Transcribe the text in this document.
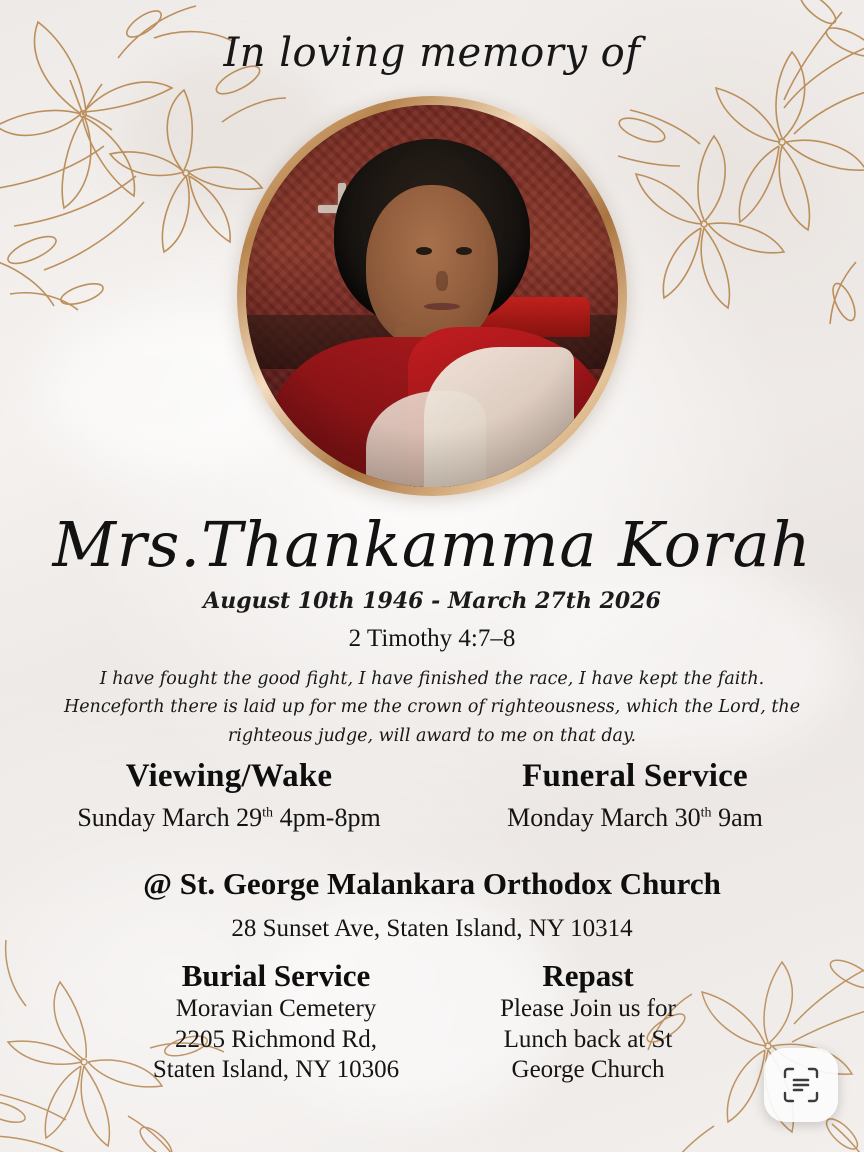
In loving memory of
Mrs.Thankamma Korah
August 10th 1946 - March 27th 2026
2 Timothy 4:7–8
I have fought the good fight, I have finished the race, I have kept the faith. Henceforth there is laid up for me the crown of righteousness, which the Lord, the righteous judge, will award to me on that day.
Viewing/Wake
Sunday March 29th 4pm-8pm
Funeral Service
Monday March 30th 9am
@ St. George Malankara Orthodox Church
28 Sunset Ave, Staten Island, NY 10314
Burial Service
Moravian Cemetery
2205 Richmond Rd,
Staten Island, NY 10306
Repast
Please Join us for
Lunch back at St
George Church
